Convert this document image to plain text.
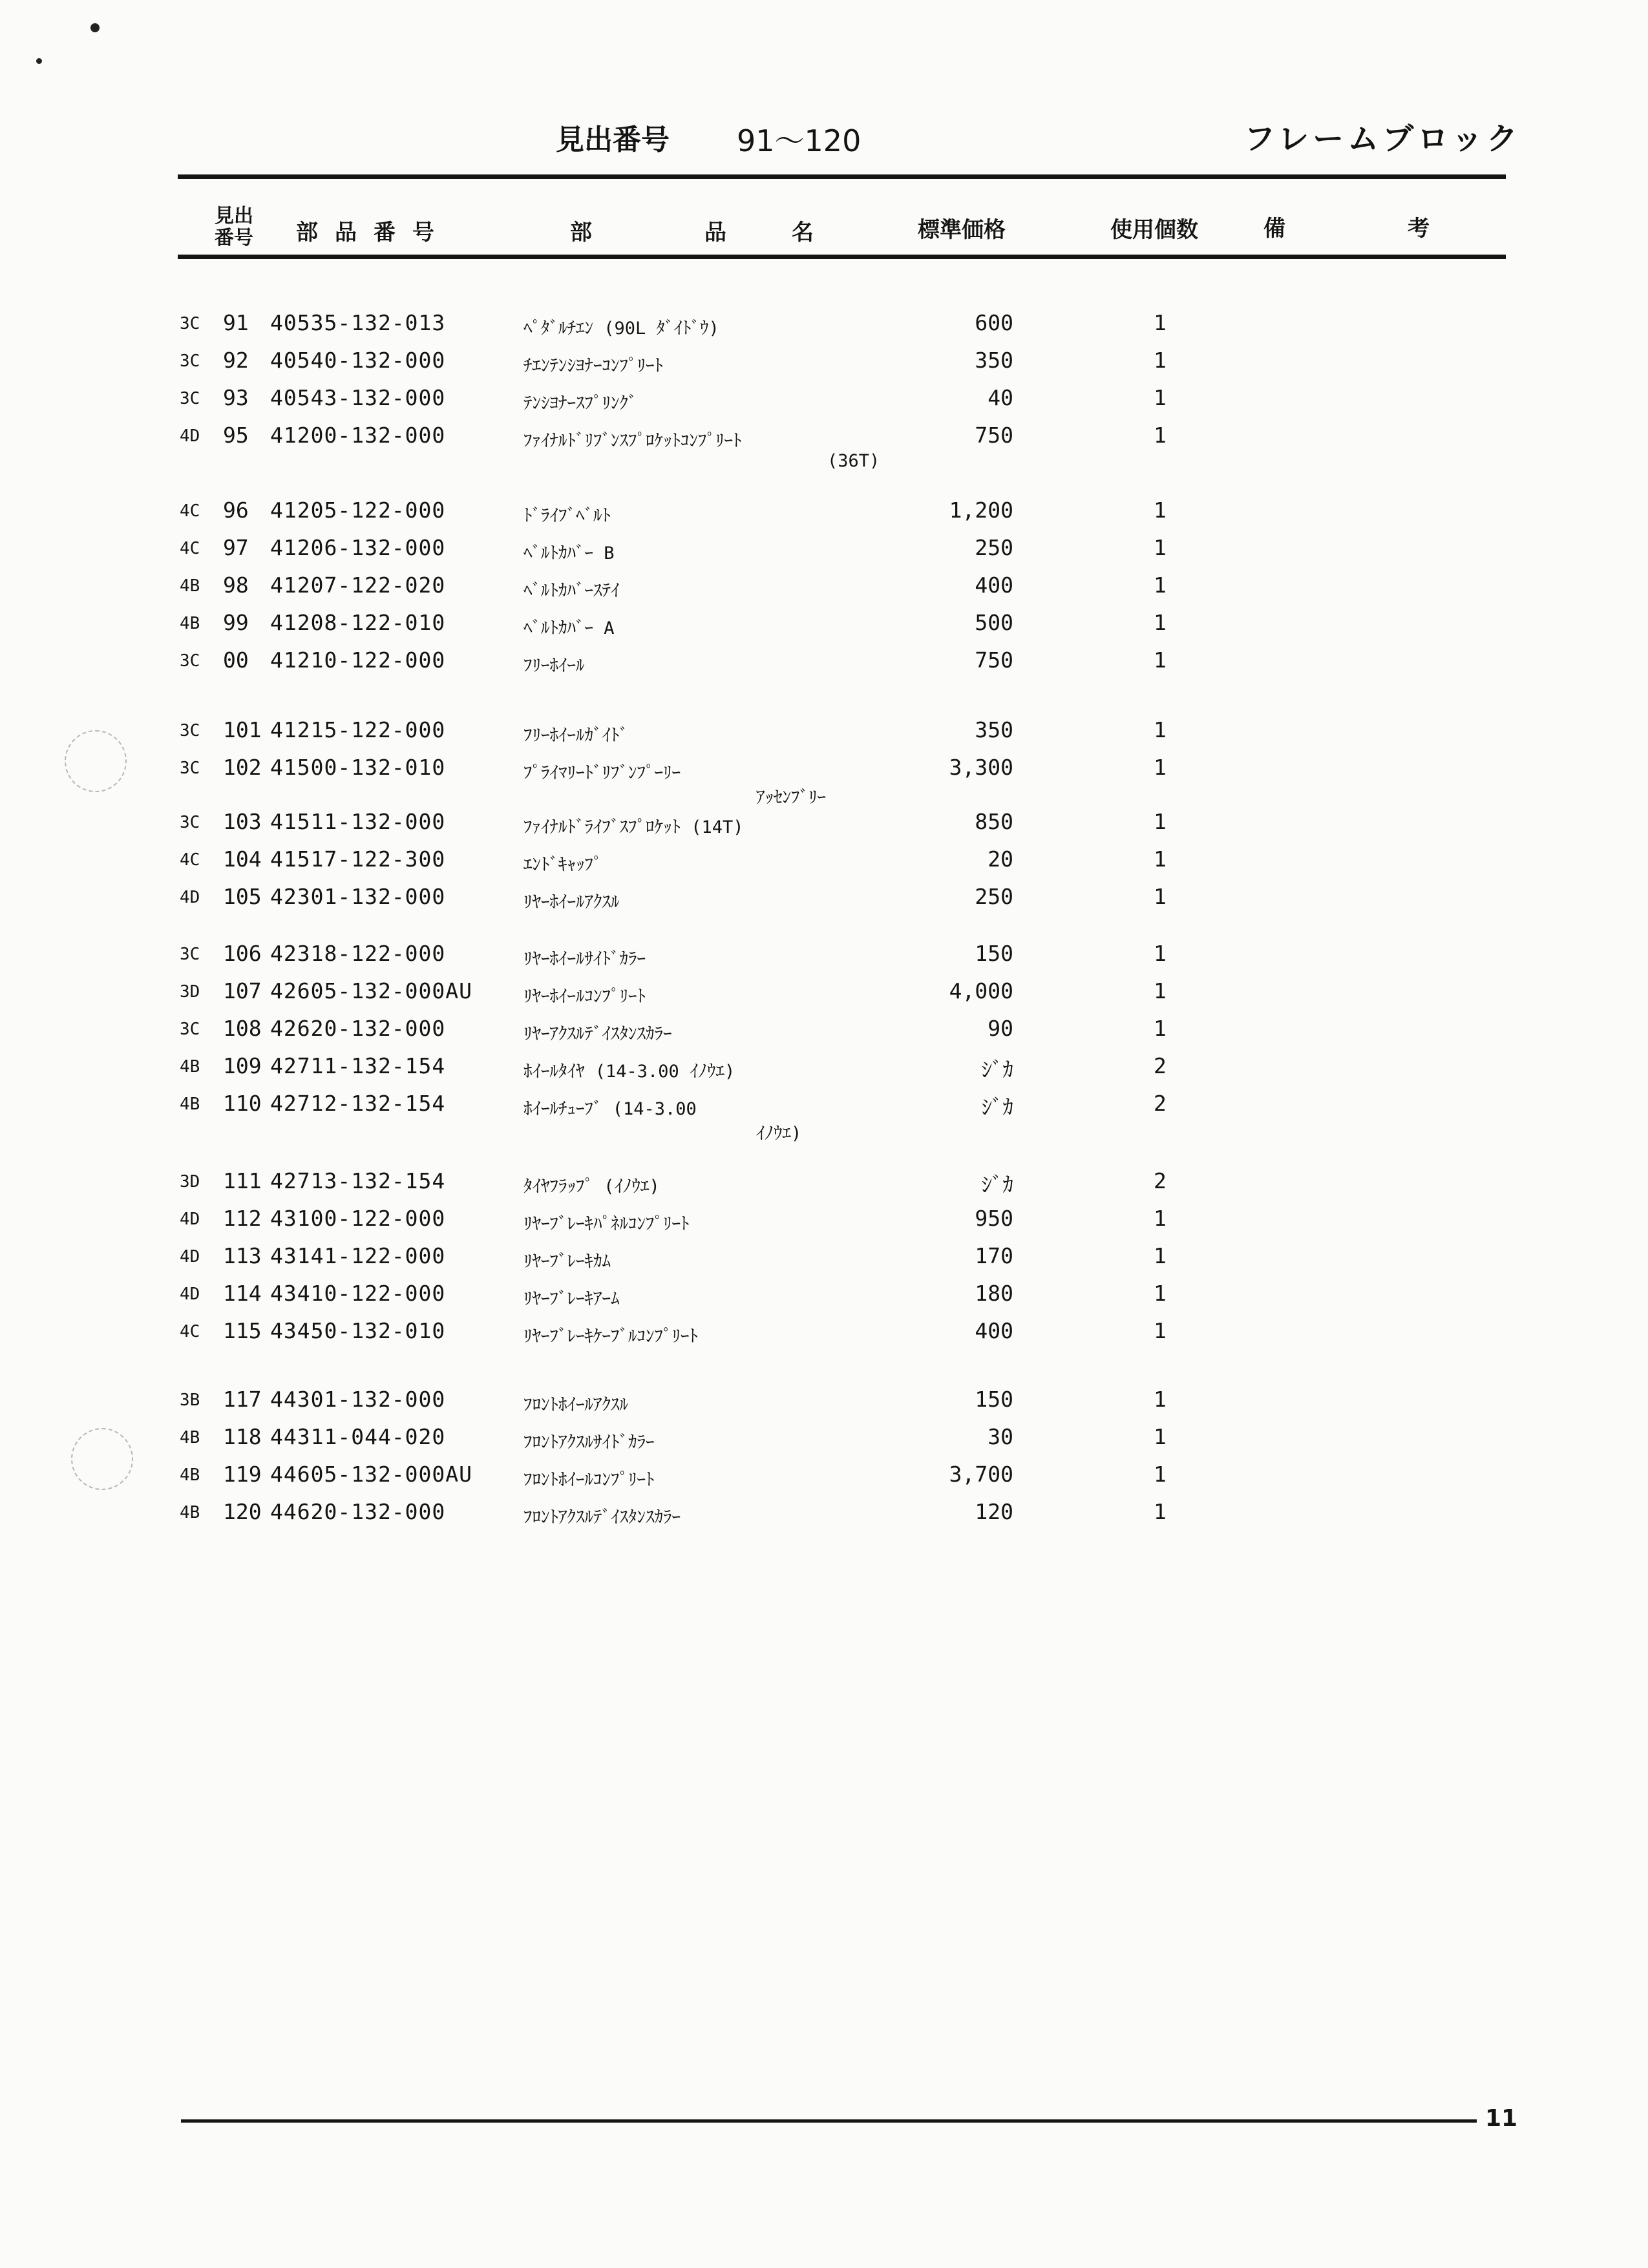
見出番号 91～120	フレームブロック
見出
番号 部品番号	部	品	名	標準価格	使用個数	備	考
3C 91 40535-132-013	ﾍﾟﾀﾞﾙﾁｴﾝ (90L ﾀﾞｲﾄﾞｳ)	600	1
3C 92 40540-132-000	ﾁｴﾝﾃﾝｼﾖﾅｰｺﾝﾌﾟﾘｰﾄ	350	1
3C 93 40543-132-000	ﾃﾝｼﾖﾅｰｽﾌﾟﾘﾝｸﾞ	40	1
4D 95 41200-132-000	ﾌｧｲﾅﾙﾄﾞﾘﾌﾞﾝｽﾌﾟﾛｹｯﾄｺﾝﾌﾟﾘｰﾄ	750	1
(36T)
4C 96 41205-122-000	ﾄﾞﾗｲﾌﾞﾍﾞﾙﾄ	1,200	1
4C 97 41206-132-000	ﾍﾞﾙﾄｶﾊﾞｰ B	250	1
4B 98 41207-122-020	ﾍﾞﾙﾄｶﾊﾞｰｽﾃｲ	400	1
4B 99 41208-122-010	ﾍﾞﾙﾄｶﾊﾞｰ A	500	1
3C 00 41210-122-000	ﾌﾘｰﾎｲｰﾙ	750	1
3C 101 41215-122-000	ﾌﾘｰﾎｲｰﾙｶﾞｲﾄﾞ	350	1
3C 102 41500-132-010	ﾌﾟﾗｲﾏﾘｰﾄﾞﾘﾌﾞﾝﾌﾟｰﾘｰ	3,300	1
ｱｯｾﾝﾌﾞﾘｰ
3C 103 41511-132-000	ﾌｧｲﾅﾙﾄﾞﾗｲﾌﾞｽﾌﾟﾛｹｯﾄ (14T)	850	1
4C 104 41517-122-300	ｴﾝﾄﾞｷｬｯﾌﾟ	20	1
4D 105 42301-132-000	ﾘﾔｰﾎｲｰﾙｱｸｽﾙ	250	1
3C 106 42318-122-000	ﾘﾔｰﾎｲｰﾙｻｲﾄﾞｶﾗｰ	150	1
3D 107 42605-132-000AU	ﾘﾔｰﾎｲｰﾙｺﾝﾌﾟﾘｰﾄ	4,000	1
3C 108 42620-132-000	ﾘﾔｰｱｸｽﾙﾃﾞｲｽﾀﾝｽｶﾗｰ	90	1
4B 109 42711-132-154	ﾎｲｰﾙﾀｲﾔ (14-3.00 ｲﾉｳｴ)	ｼﾞｶ	2
4B 110 42712-132-154	ﾎｲｰﾙﾁｭｰﾌﾞ (14-3.00	ｼﾞｶ	2
ｲﾉｳｴ)
3D 111 42713-132-154	ﾀｲﾔﾌﾗｯﾌﾟ (ｲﾉｳｴ)	ｼﾞｶ	2
4D 112 43100-122-000	ﾘﾔｰﾌﾞﾚｰｷﾊﾟﾈﾙｺﾝﾌﾟﾘｰﾄ	950	1
4D 113 43141-122-000	ﾘﾔｰﾌﾞﾚｰｷｶﾑ	170	1
4D 114 43410-122-000	ﾘﾔｰﾌﾞﾚｰｷｱｰﾑ	180	1
4C 115 43450-132-010	ﾘﾔｰﾌﾞﾚｰｷｹｰﾌﾞﾙｺﾝﾌﾟﾘｰﾄ	400	1
3B 117 44301-132-000	ﾌﾛﾝﾄﾎｲｰﾙｱｸｽﾙ	150	1
4B 118 44311-044-020	ﾌﾛﾝﾄｱｸｽﾙｻｲﾄﾞｶﾗｰ	30	1
4B 119 44605-132-000AU	ﾌﾛﾝﾄﾎｲｰﾙｺﾝﾌﾟﾘｰﾄ	3,700	1
4B 120 44620-132-000	ﾌﾛﾝﾄｱｸｽﾙﾃﾞｲｽﾀﾝｽｶﾗｰ	120	1
11
